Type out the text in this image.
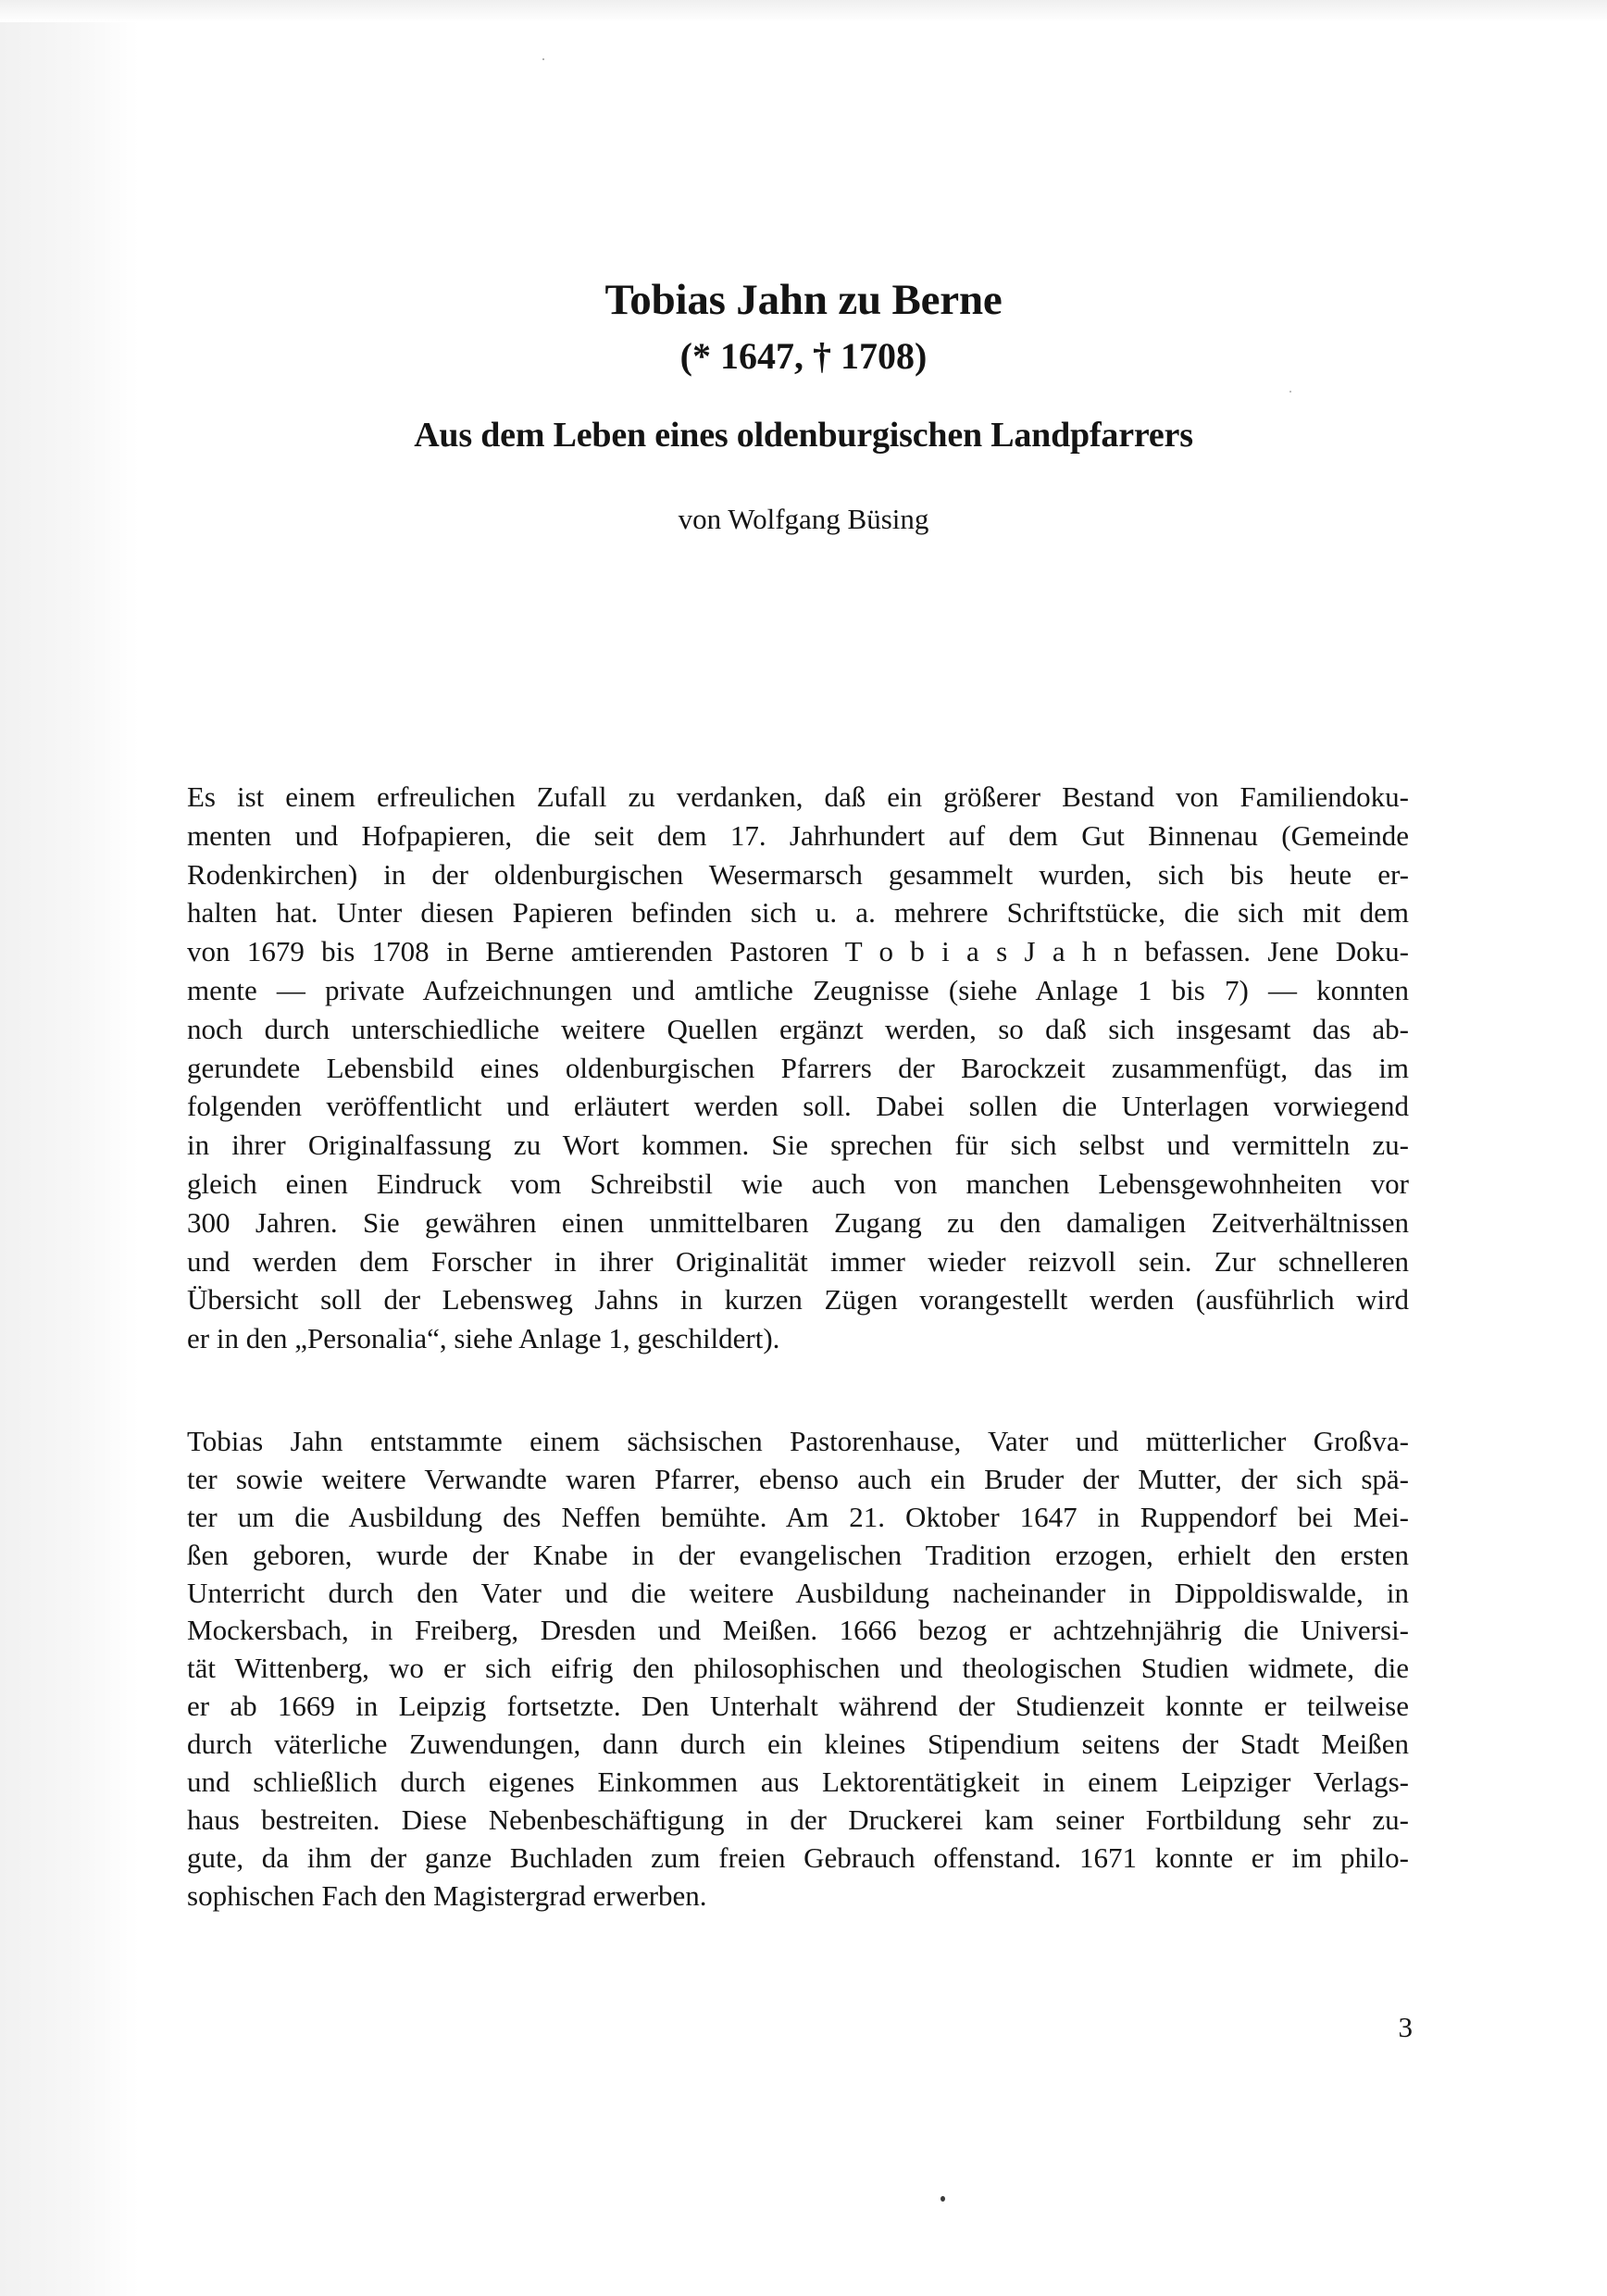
Tobias Jahn zu Berne
(* 1647, † 1708)
Aus dem Leben eines oldenburgischen Landpfarrers

von Wolfgang Büsing

Es ist einem erfreulichen Zufall zu verdanken, daß ein größerer Bestand von Familiendoku-
menten und Hofpapieren, die seit dem 17. Jahrhundert auf dem Gut Binnenau (Gemeinde
Rodenkirchen) in der oldenburgischen Wesermarsch gesammelt wurden, sich bis heute er-
halten hat. Unter diesen Papieren befinden sich u. a. mehrere Schriftstücke, die sich mit dem
von 1679 bis 1708 in Berne amtierenden Pastoren T o b i a s J a h n befassen. Jene Doku-
mente — private Aufzeichnungen und amtliche Zeugnisse (siehe Anlage 1 bis 7) — konnten
noch durch unterschiedliche weitere Quellen ergänzt werden, so daß sich insgesamt das ab-
gerundete Lebensbild eines oldenburgischen Pfarrers der Barockzeit zusammenfügt, das im
folgenden veröffentlicht und erläutert werden soll. Dabei sollen die Unterlagen vorwiegend
in ihrer Originalfassung zu Wort kommen. Sie sprechen für sich selbst und vermitteln zu-
gleich einen Eindruck vom Schreibstil wie auch von manchen Lebensgewohnheiten vor
300 Jahren. Sie gewähren einen unmittelbaren Zugang zu den damaligen Zeitverhältnissen
und werden dem Forscher in ihrer Originalität immer wieder reizvoll sein. Zur schnelleren
Übersicht soll der Lebensweg Jahns in kurzen Zügen vorangestellt werden (ausführlich wird
er in den „Personalia“, siehe Anlage 1, geschildert).
Tobias Jahn entstammte einem sächsischen Pastorenhause, Vater und mütterlicher Großva-
ter sowie weitere Verwandte waren Pfarrer, ebenso auch ein Bruder der Mutter, der sich spä-
ter um die Ausbildung des Neffen bemühte. Am 21. Oktober 1647 in Ruppendorf bei Mei-
ßen geboren, wurde der Knabe in der evangelischen Tradition erzogen, erhielt den ersten
Unterricht durch den Vater und die weitere Ausbildung nacheinander in Dippoldiswalde, in
Mockersbach, in Freiberg, Dresden und Meißen. 1666 bezog er achtzehnjährig die Universi-
tät Wittenberg, wo er sich eifrig den philosophischen und theologischen Studien widmete, die
er ab 1669 in Leipzig fortsetzte. Den Unterhalt während der Studienzeit konnte er teilweise
durch väterliche Zuwendungen, dann durch ein kleines Stipendium seitens der Stadt Meißen
und schließlich durch eigenes Einkommen aus Lektorentätigkeit in einem Leipziger Verlags-
haus bestreiten. Diese Nebenbeschäftigung in der Druckerei kam seiner Fortbildung sehr zu-
gute, da ihm der ganze Buchladen zum freien Gebrauch offenstand. 1671 konnte er im philo-
sophischen Fach den Magistergrad erwerben.

3
